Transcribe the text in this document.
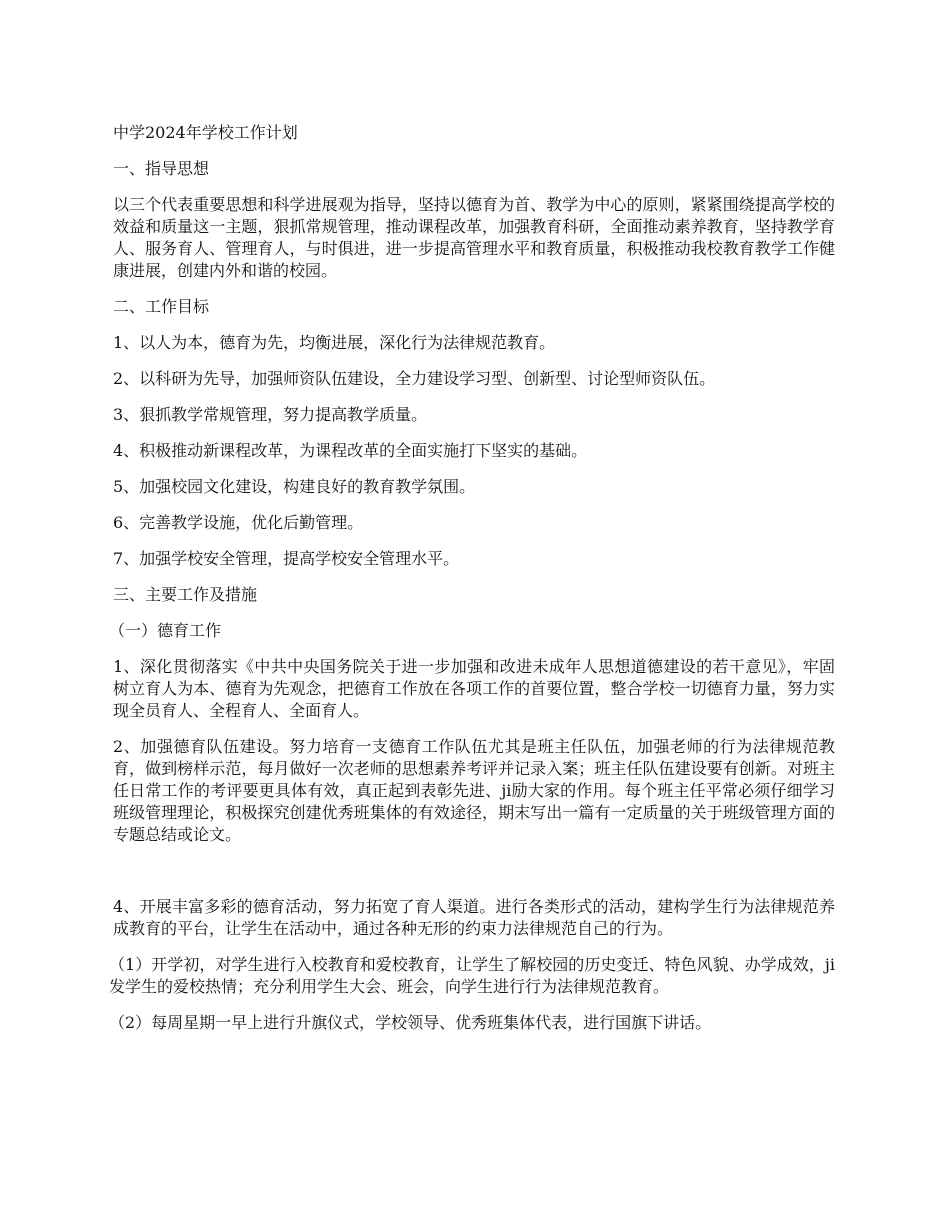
中学2024年学校工作计划

一、指导思想

以三个代表重要思想和科学进展观为指导，坚持以德育为首、教学为中心的原则，紧紧围绕提高学校的效益和质量这一主题，狠抓常规管理，推动课程改革，加强教育科研，全面推动素养教育，坚持教学育人、服务育人、管理育人，与时俱进，进一步提高管理水平和教育质量，积极推动我校教育教学工作健康进展，创建内外和谐的校园。

二、工作目标

1、以人为本，德育为先，均衡进展，深化行为法律规范教育。

2、以科研为先导，加强师资队伍建设，全力建设学习型、创新型、讨论型师资队伍。

3、狠抓教学常规管理，努力提高教学质量。

4、积极推动新课程改革，为课程改革的全面实施打下坚实的基础。

5、加强校园文化建设，构建良好的教育教学氛围。

6、完善教学设施，优化后勤管理。

7、加强学校安全管理，提高学校安全管理水平。

三、主要工作及措施

（一）德育工作

1、深化贯彻落实《中共中央国务院关于进一步加强和改进未成年人思想道德建设的若干意见》，牢固树立育人为本、德育为先观念，把德育工作放在各项工作的首要位置，整合学校一切德育力量，努力实现全员育人、全程育人、全面育人。

2、加强德育队伍建设。努力培育一支德育工作队伍尤其是班主任队伍，加强老师的行为法律规范教育，做到榜样示范，每月做好一次老师的思想素养考评并记录入案；班主任队伍建设要有创新。对班主任日常工作的考评要更具体有效，真正起到表彰先进、ji励大家的作用。每个班主任平常必须仔细学习班级管理理论，积极探究创建优秀班集体的有效途径，期末写出一篇有一定质量的关于班级管理方面的专题总结或论文。

4、开展丰富多彩的德育活动，努力拓宽了育人渠道。进行各类形式的活动，建构学生行为法律规范养成教育的平台，让学生在活动中，通过各种无形的约束力法律规范自己的行为。

（1）开学初，对学生进行入校教育和爱校教育，让学生了解校园的历史变迁、特色风貌、办学成效，ji发学生的爱校热情；充分利用学生大会、班会，向学生进行行为法律规范教育。

（2）每周星期一早上进行升旗仪式，学校领导、优秀班集体代表，进行国旗下讲话。
